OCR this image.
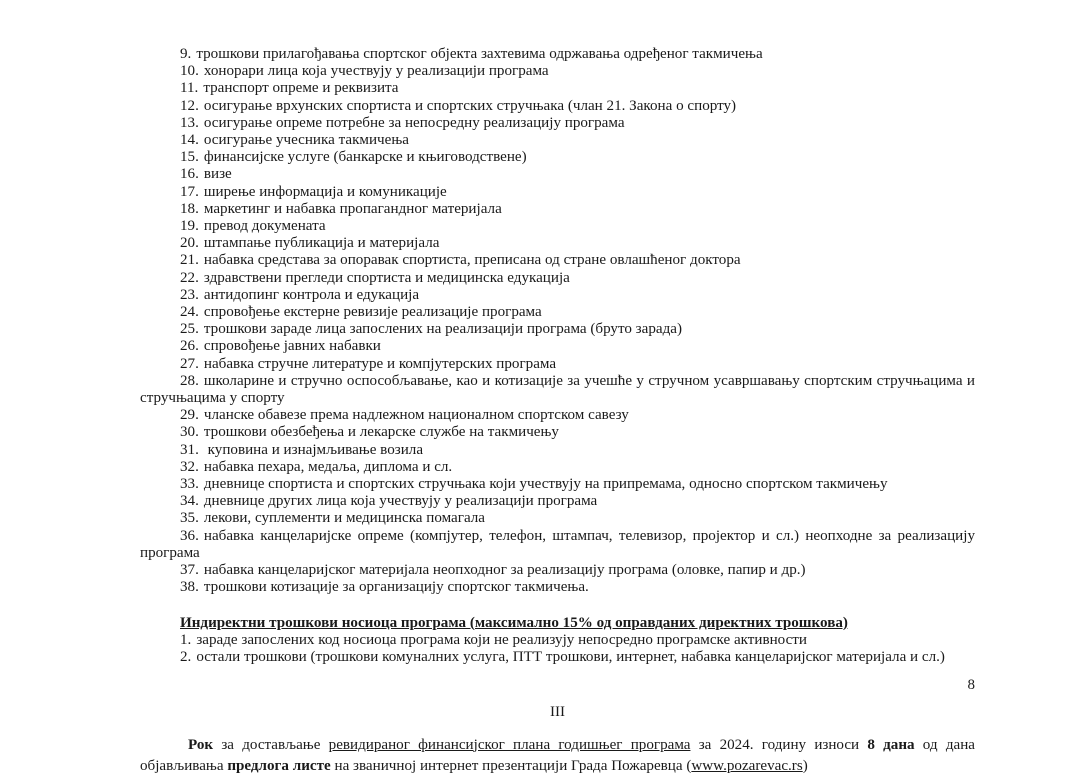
9. трошкови прилагођавања спортског објекта захтевима одржавања одређеног такмичења
10. хонорари лица која учествују у реализацији програма
11. транспорт опреме и реквизита
12. осигурање врхунских спортиста и спортских стручњака (члан 21. Закона о спорту)
13. осигурање опреме потребне за непосредну реализацију програма
14. осигурање учесника такмичења
15. финансијске услуге (банкарске и књиговодствене)
16. визе
17. ширење информација и комуникације
18. маркетинг и набавка пропагандног материјала
19. превод докумената
20. штампање публикација и материјала
21. набавка средстава за опоравак спортиста, преписана од стране овлашћеног доктора
22. здравствени прегледи спортиста и медицинска едукација
23. антидопинг контрола и едукација
24. спровођење екстерне ревизије реализације програма
25. трошкови зараде лица запослених на реализацији програма (бруто зарада)
26. спровођење јавних набавки
27. набавка стручне литературе и компјутерских програма
28. школарине и стручно оспособљавање, као и котизације за учешће у стручном усавршавању спортским стручњацима и стручњацима у спорту
29. чланске обавезе према надлежном националном спортском савезу
30. трошкови обезбеђења и лекарске службе на такмичењу
31. куповина и изнајмљивање возила
32. набавка пехара, медаља, диплома и сл.
33. дневнице спортиста и спортских стручњака који учествују на припремама, односно спортском такмичењу
34. дневнице других лица која учествују у реализацији програма
35. лекови, суплементи и медицинска помагала
36. набавка канцеларијске опреме (компјутер, телефон, штампач, телевизор, пројектор и сл.) неопходне за реализацију програма
37. набавка канцеларијског материјала неопходног за реализацију програма (оловке, папир и др.)
38. трошкови котизације за организацију спортског такмичења.
Индиректни трошкови носиоца програма (максимално 15% од оправданих директних трошкова)
1. зараде запослених код носиоца програма који не реализују непосредно програмске активности
2. остали трошкови (трошкови комуналних услуга, ПТТ трошкови, интернет, набавка канцеларијског материјала и сл.)
III
Рок за достављање ревидираног финансијског плана годишњег програма за 2024. годину износи 8 дана од дана објављивања предлога листе на званичној интернет презентацији Града Пожаревца (www.pozarevac.rs)
8
